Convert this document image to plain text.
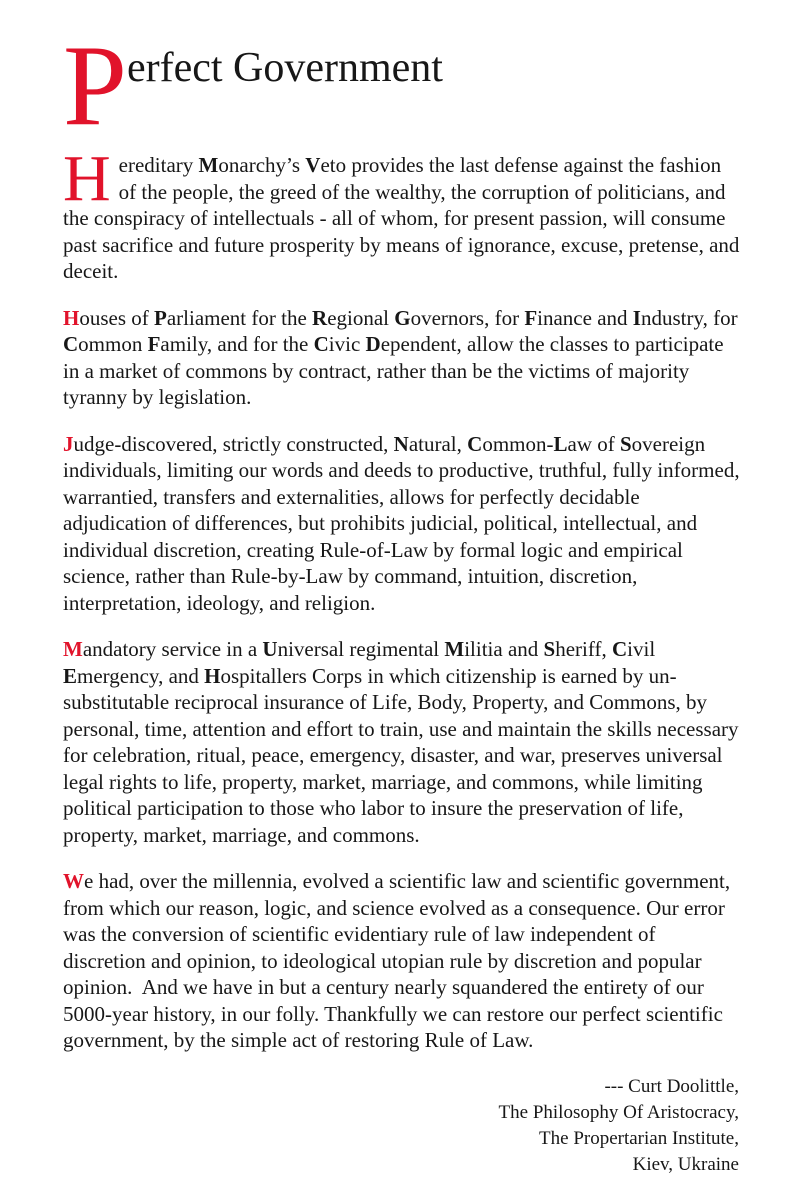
P erfect Government

Hereditary Monarchy’s Veto provides the last defense against the fashion of the people, the greed of the wealthy, the corruption of politicians, and the conspiracy of intellectuals - all of whom, for present passion, will consume past sacrifice and future prosperity by means of ignorance, excuse, pretense, and deceit.

Houses of Parliament for the Regional Governors, for Finance and Industry, for Common Family, and for the Civic Dependent, allow the classes to participate in a market of commons by contract, rather than be the victims of majority tyranny by legislation.

Judge-discovered, strictly constructed, Natural, Common-Law of Sovereign individuals, limiting our words and deeds to productive, truthful, fully informed, warrantied, transfers and externalities, allows for perfectly decidable adjudication of differences, but prohibits judicial, political, intellectual, and individual discretion, creating Rule-of-Law by formal logic and empirical science, rather than Rule-by-Law by command, intuition, discretion, interpretation, ideology, and religion.

Mandatory service in a Universal regimental Militia and Sheriff, Civil Emergency, and Hospitallers Corps in which citizenship is earned by un-substitutable reciprocal insurance of Life, Body, Property, and Commons, by personal, time, attention and effort to train, use and maintain the skills necessary for celebration, ritual, peace, emergency, disaster, and war, preserves universal legal rights to life, property, market, marriage, and commons, while limiting political participation to those who labor to insure the preservation of life, property, market, marriage, and commons.

We had, over the millennia, evolved a scientific law and scientific government, from which our reason, logic, and science evolved as a consequence. Our error was the conversion of scientific evidentiary rule of law independent of discretion and opinion, to ideological utopian rule by discretion and popular opinion.  And we have in but a century nearly squandered the entirety of our 5000-year history, in our folly. Thankfully we can restore our perfect scientific government, by the simple act of restoring Rule of Law.

--- Curt Doolittle,
The Philosophy Of Aristocracy,
The Propertarian Institute,
Kiev, Ukraine
